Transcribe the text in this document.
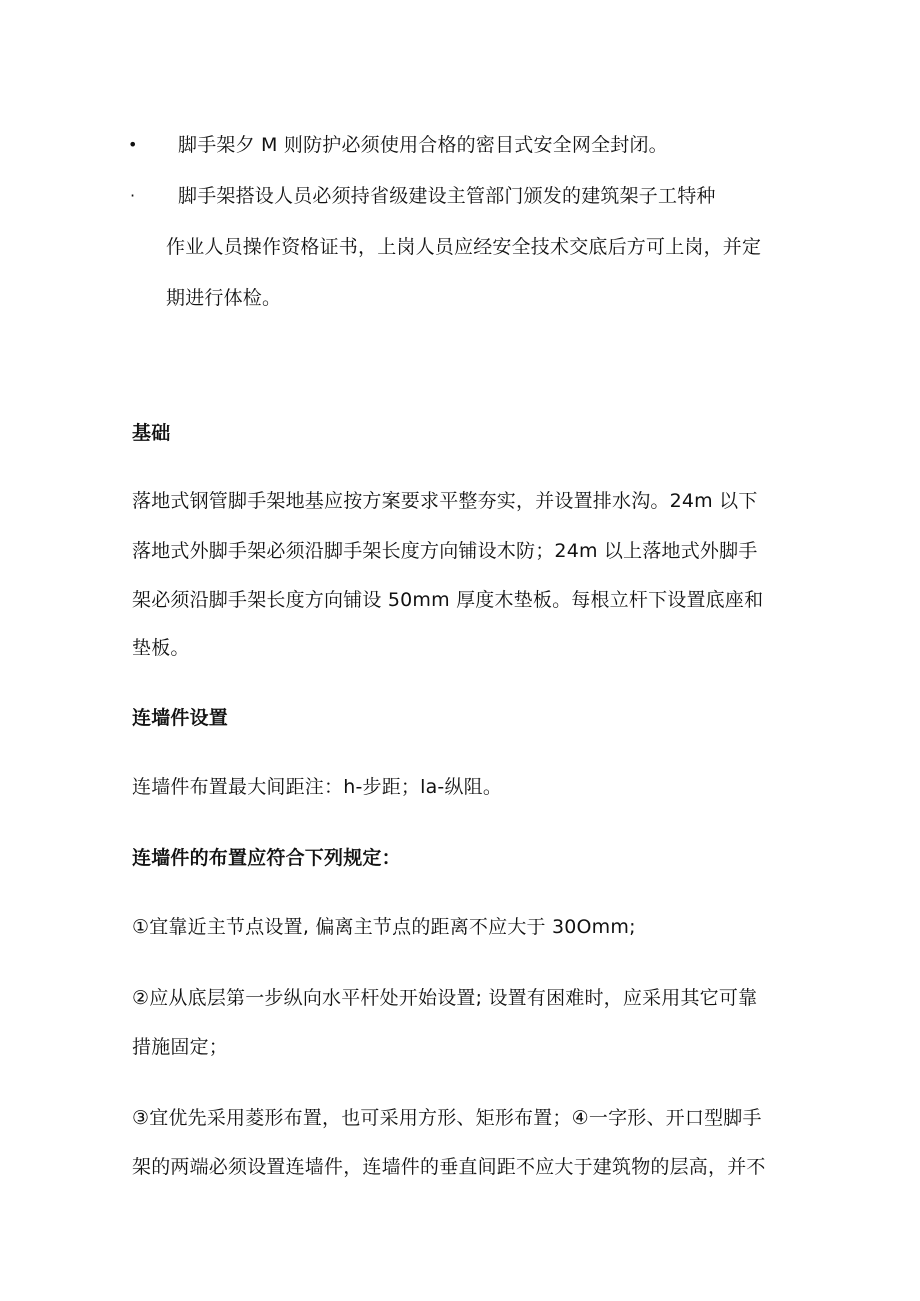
• 脚手架夕 M 则防护必须使用合格的密目式安全网全封闭。
· 脚手架搭设人员必须持省级建设主管部门颁发的建筑架子工特种
作业人员操作资格证书，上岗人员应经安全技术交底后方可上岗，并定
期进行体检。
基础
落地式钢管脚手架地基应按方案要求平整夯实，并设置排水沟。24m 以下
落地式外脚手架必须沿脚手架长度方向铺设木防；24m 以上落地式外脚手
架必须沿脚手架长度方向铺设 50mm 厚度木垫板。每根立杆下设置底座和
垫板。
连墙件设置
连墙件布置最大间距注：h-步距；la-纵阻。
连墙件的布置应符合下列规定：
①宜靠近主节点设置, 偏离主节点的距离不应大于 30Omm;
②应从底层第一步纵向水平杆处开始设置; 设置有困难时，应采用其它可靠
措施固定；
③宜优先采用菱形布置，也可采用方形、矩形布置；④一字形、开口型脚手
架的两端必须设置连墙件，连墙件的垂直间距不应大于建筑物的层高，并不
